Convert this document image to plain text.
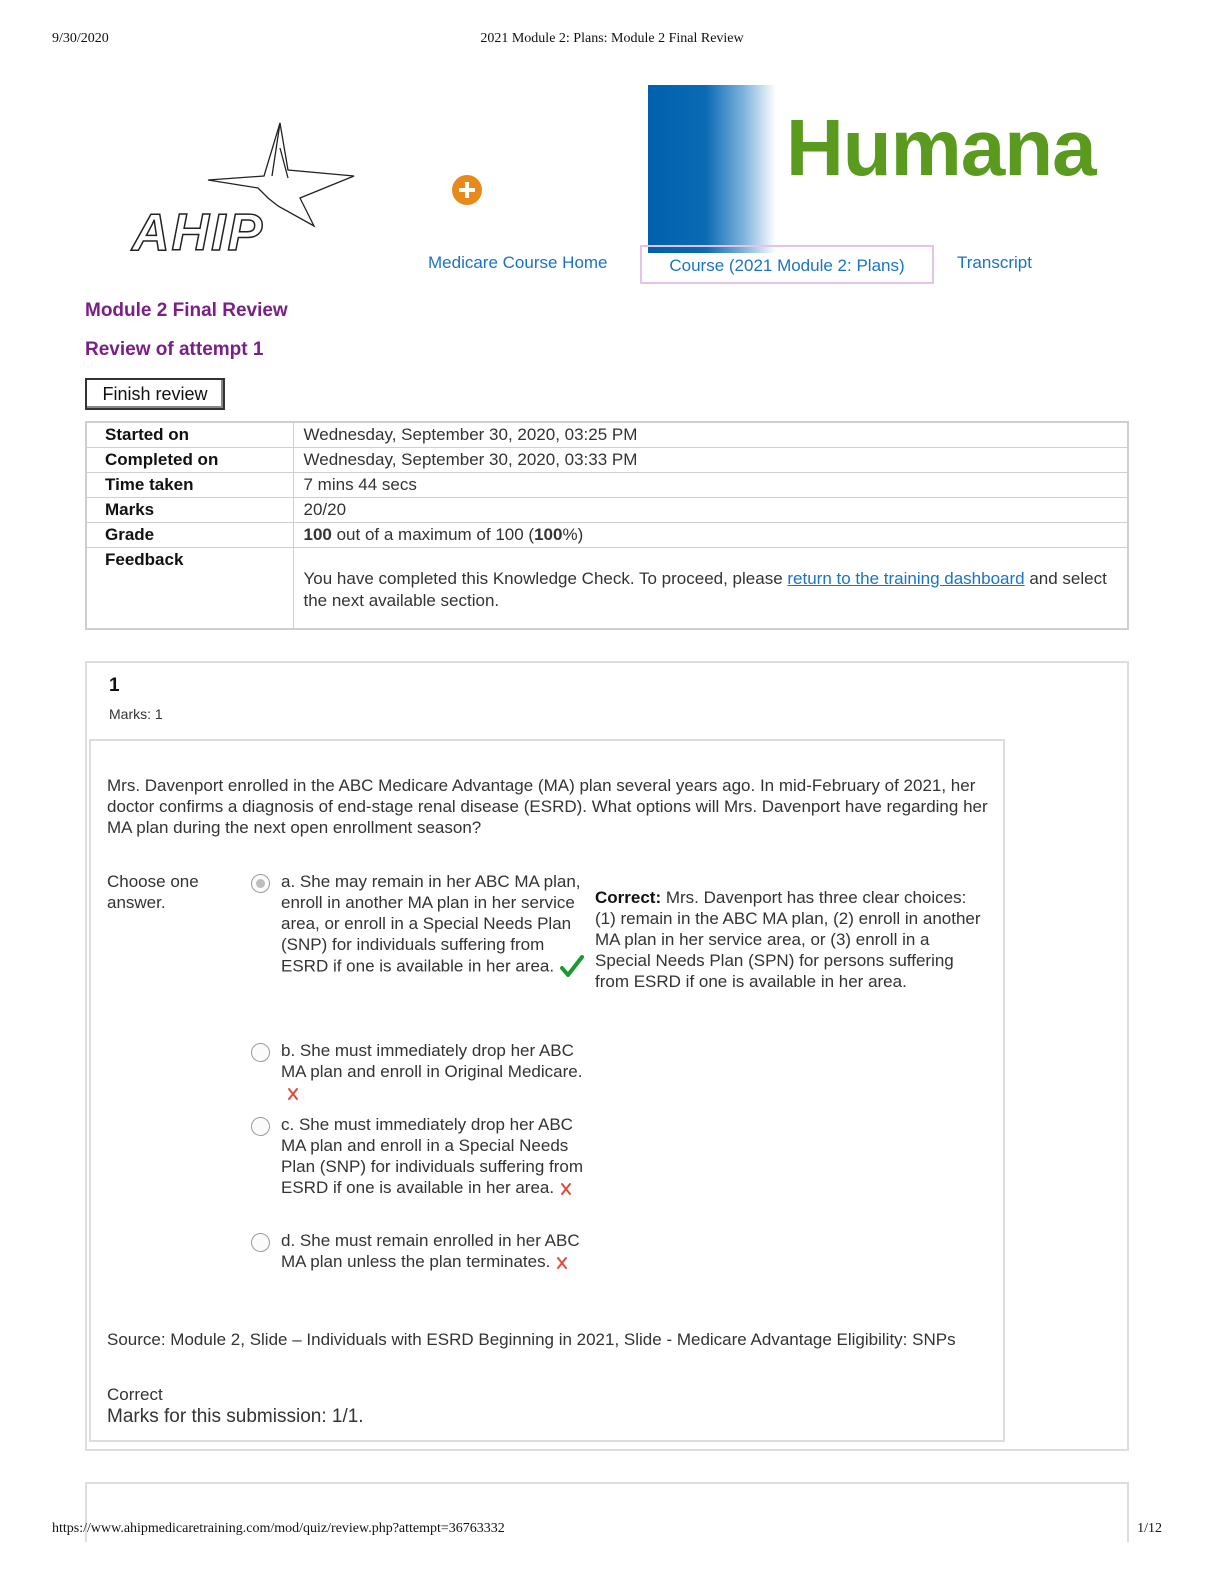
9/30/2020	2021 Module 2: Plans: Module 2 Final Review
AHIP
Humana
Medicare Course Home	Course (2021 Module 2: Plans)	Transcript
Module 2 Final Review
Review of attempt 1
Finish review
Started on	Wednesday, September 30, 2020, 03:25 PM
Completed on	Wednesday, September 30, 2020, 03:33 PM
Time taken	7 mins 44 secs
Marks	20/20
Grade	100 out of a maximum of 100 (100%)
Feedback	You have completed this Knowledge Check. To proceed, please return to the training dashboard and select the next available section.
1
Marks: 1
Mrs. Davenport enrolled in the ABC Medicare Advantage (MA) plan several years ago. In mid-February of 2021, her doctor confirms a diagnosis of end-stage renal disease (ESRD). What options will Mrs. Davenport have regarding her MA plan during the next open enrollment season?
Choose one answer.
a. She may remain in her ABC MA plan, enroll in another MA plan in her service area, or enroll in a Special Needs Plan (SNP) for individuals suffering from ESRD if one is available in her area.
b. She must immediately drop her ABC MA plan and enroll in Original Medicare.
c. She must immediately drop her ABC MA plan and enroll in a Special Needs Plan (SNP) for individuals suffering from ESRD if one is available in her area.
d. She must remain enrolled in her ABC MA plan unless the plan terminates.
Correct: Mrs. Davenport has three clear choices: (1) remain in the ABC MA plan, (2) enroll in another MA plan in her service area, or (3) enroll in a Special Needs Plan (SPN) for persons suffering from ESRD if one is available in her area.
Source: Module 2, Slide – Individuals with ESRD Beginning in 2021, Slide - Medicare Advantage Eligibility: SNPs
Correct
Marks for this submission: 1/1.
https://www.ahipmedicaretraining.com/mod/quiz/review.php?attempt=36763332	1/12
